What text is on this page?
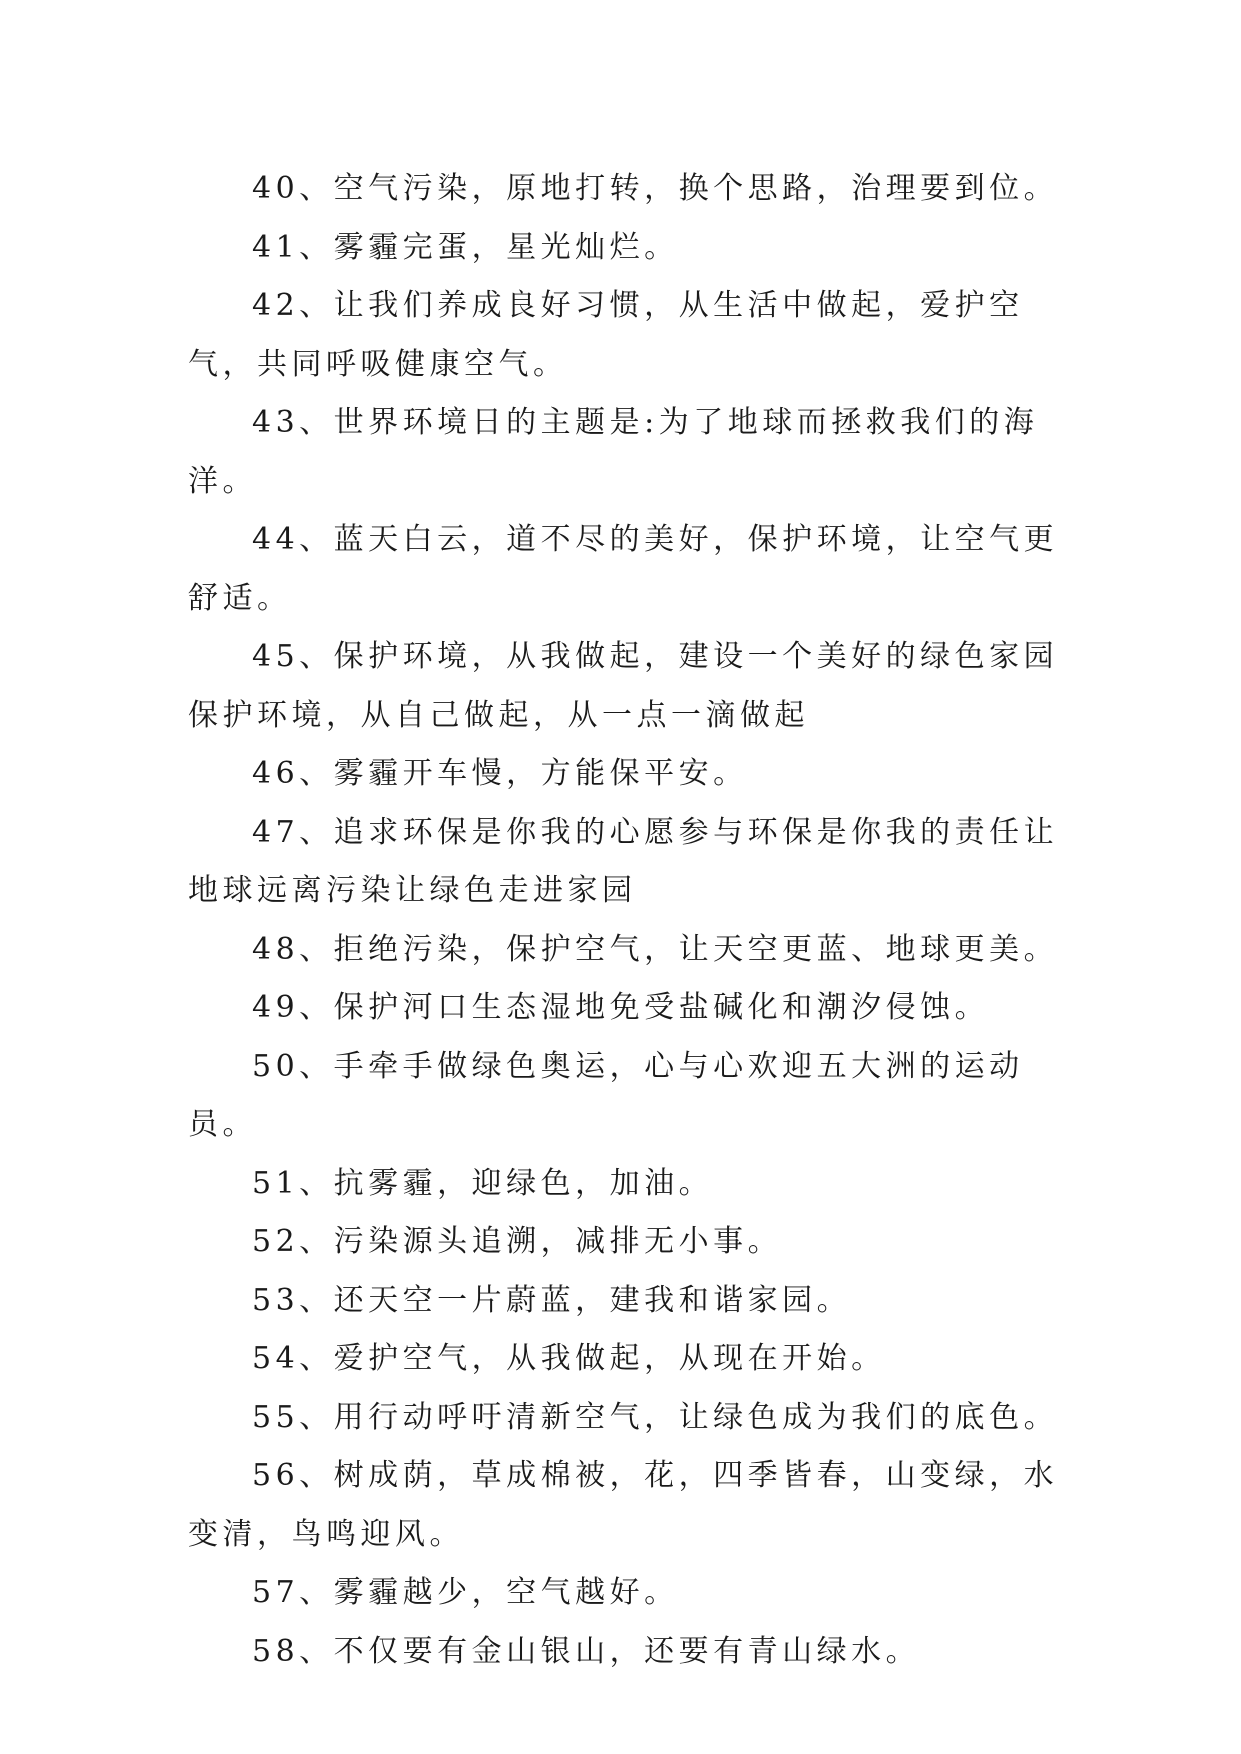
40、空气污染，原地打转，换个思路，治理要到位。

41、雾霾完蛋，星光灿烂。

42、让我们养成良好习惯，从生活中做起，爱护空气，共同呼吸健康空气。

43、世界环境日的主题是:为了地球而拯救我们的海洋。

44、蓝天白云，道不尽的美好，保护环境，让空气更舒适。

45、保护环境，从我做起，建设一个美好的绿色家园保护环境，从自己做起，从一点一滴做起

46、雾霾开车慢，方能保平安。

47、追求环保是你我的心愿参与环保是你我的责任让地球远离污染让绿色走进家园

48、拒绝污染，保护空气，让天空更蓝、地球更美。

49、保护河口生态湿地免受盐碱化和潮汐侵蚀。

50、手牵手做绿色奥运，心与心欢迎五大洲的运动员。

51、抗雾霾，迎绿色，加油。

52、污染源头追溯，减排无小事。

53、还天空一片蔚蓝，建我和谐家园。

54、爱护空气，从我做起，从现在开始。

55、用行动呼吁清新空气，让绿色成为我们的底色。

56、树成荫，草成棉被，花，四季皆春，山变绿，水变清，鸟鸣迎风。

57、雾霾越少，空气越好。

58、不仅要有金山银山，还要有青山绿水。
